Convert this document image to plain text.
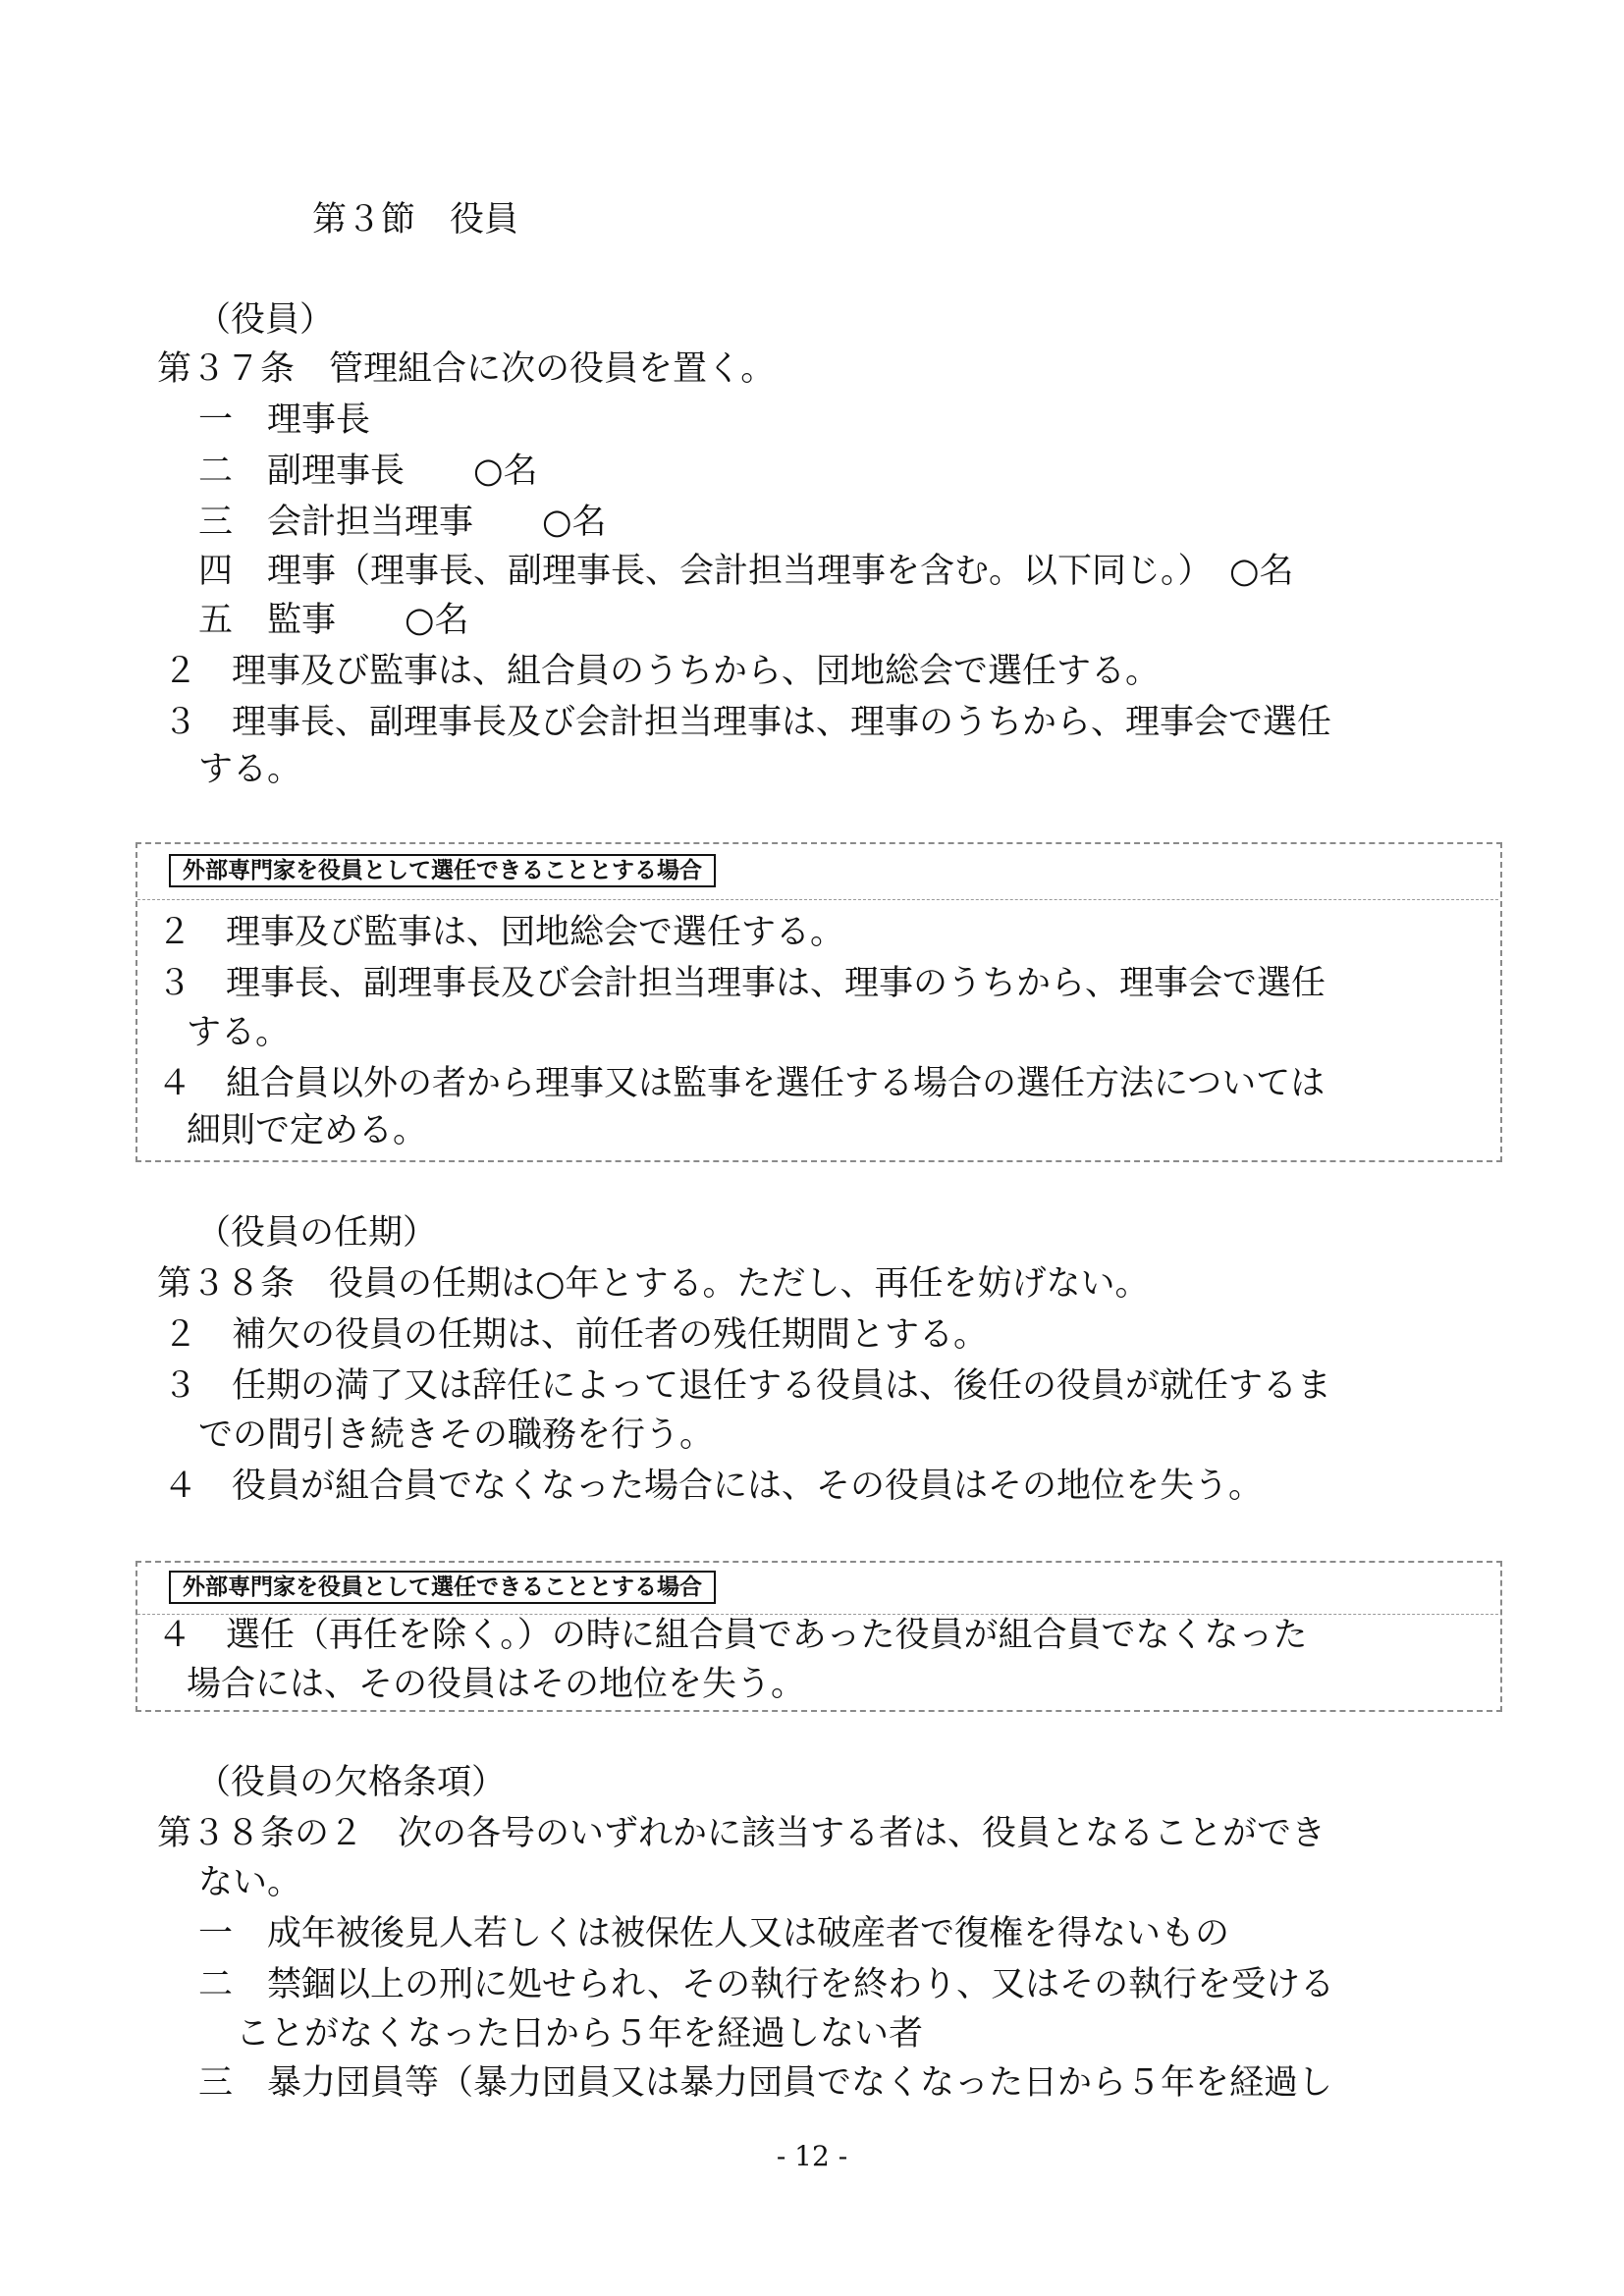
第３節　役員
（役員）
第３７条　管理組合に次の役員を置く。
一　理事長
二　副理事長　　○名
三　会計担当理事　　○名
四　理事（理事長、副理事長、会計担当理事を含む。以下同じ。）　○名
五　監事　　○名
２　理事及び監事は、組合員のうちから、団地総会で選任する。
３　理事長、副理事長及び会計担当理事は、理事のうちから、理事会で選任
する。
外部専門家を役員として選任できることとする場合
２　理事及び監事は、団地総会で選任する。
３　理事長、副理事長及び会計担当理事は、理事のうちから、理事会で選任
する。
４　組合員以外の者から理事又は監事を選任する場合の選任方法については
細則で定める。
（役員の任期）
第３８条　役員の任期は○年とする。ただし、再任を妨げない。
２　補欠の役員の任期は、前任者の残任期間とする。
３　任期の満了又は辞任によって退任する役員は、後任の役員が就任するま
での間引き続きその職務を行う。
４　役員が組合員でなくなった場合には、その役員はその地位を失う。
外部専門家を役員として選任できることとする場合
４　選任（再任を除く。）の時に組合員であった役員が組合員でなくなった
場合には、その役員はその地位を失う。
（役員の欠格条項）
第３８条の２　次の各号のいずれかに該当する者は、役員となることができ
ない。
一　成年被後見人若しくは被保佐人又は破産者で復権を得ないもの
二　禁錮以上の刑に処せられ、その執行を終わり、又はその執行を受ける
ことがなくなった日から５年を経過しない者
三　暴力団員等（暴力団員又は暴力団員でなくなった日から５年を経過し
- 12 -
